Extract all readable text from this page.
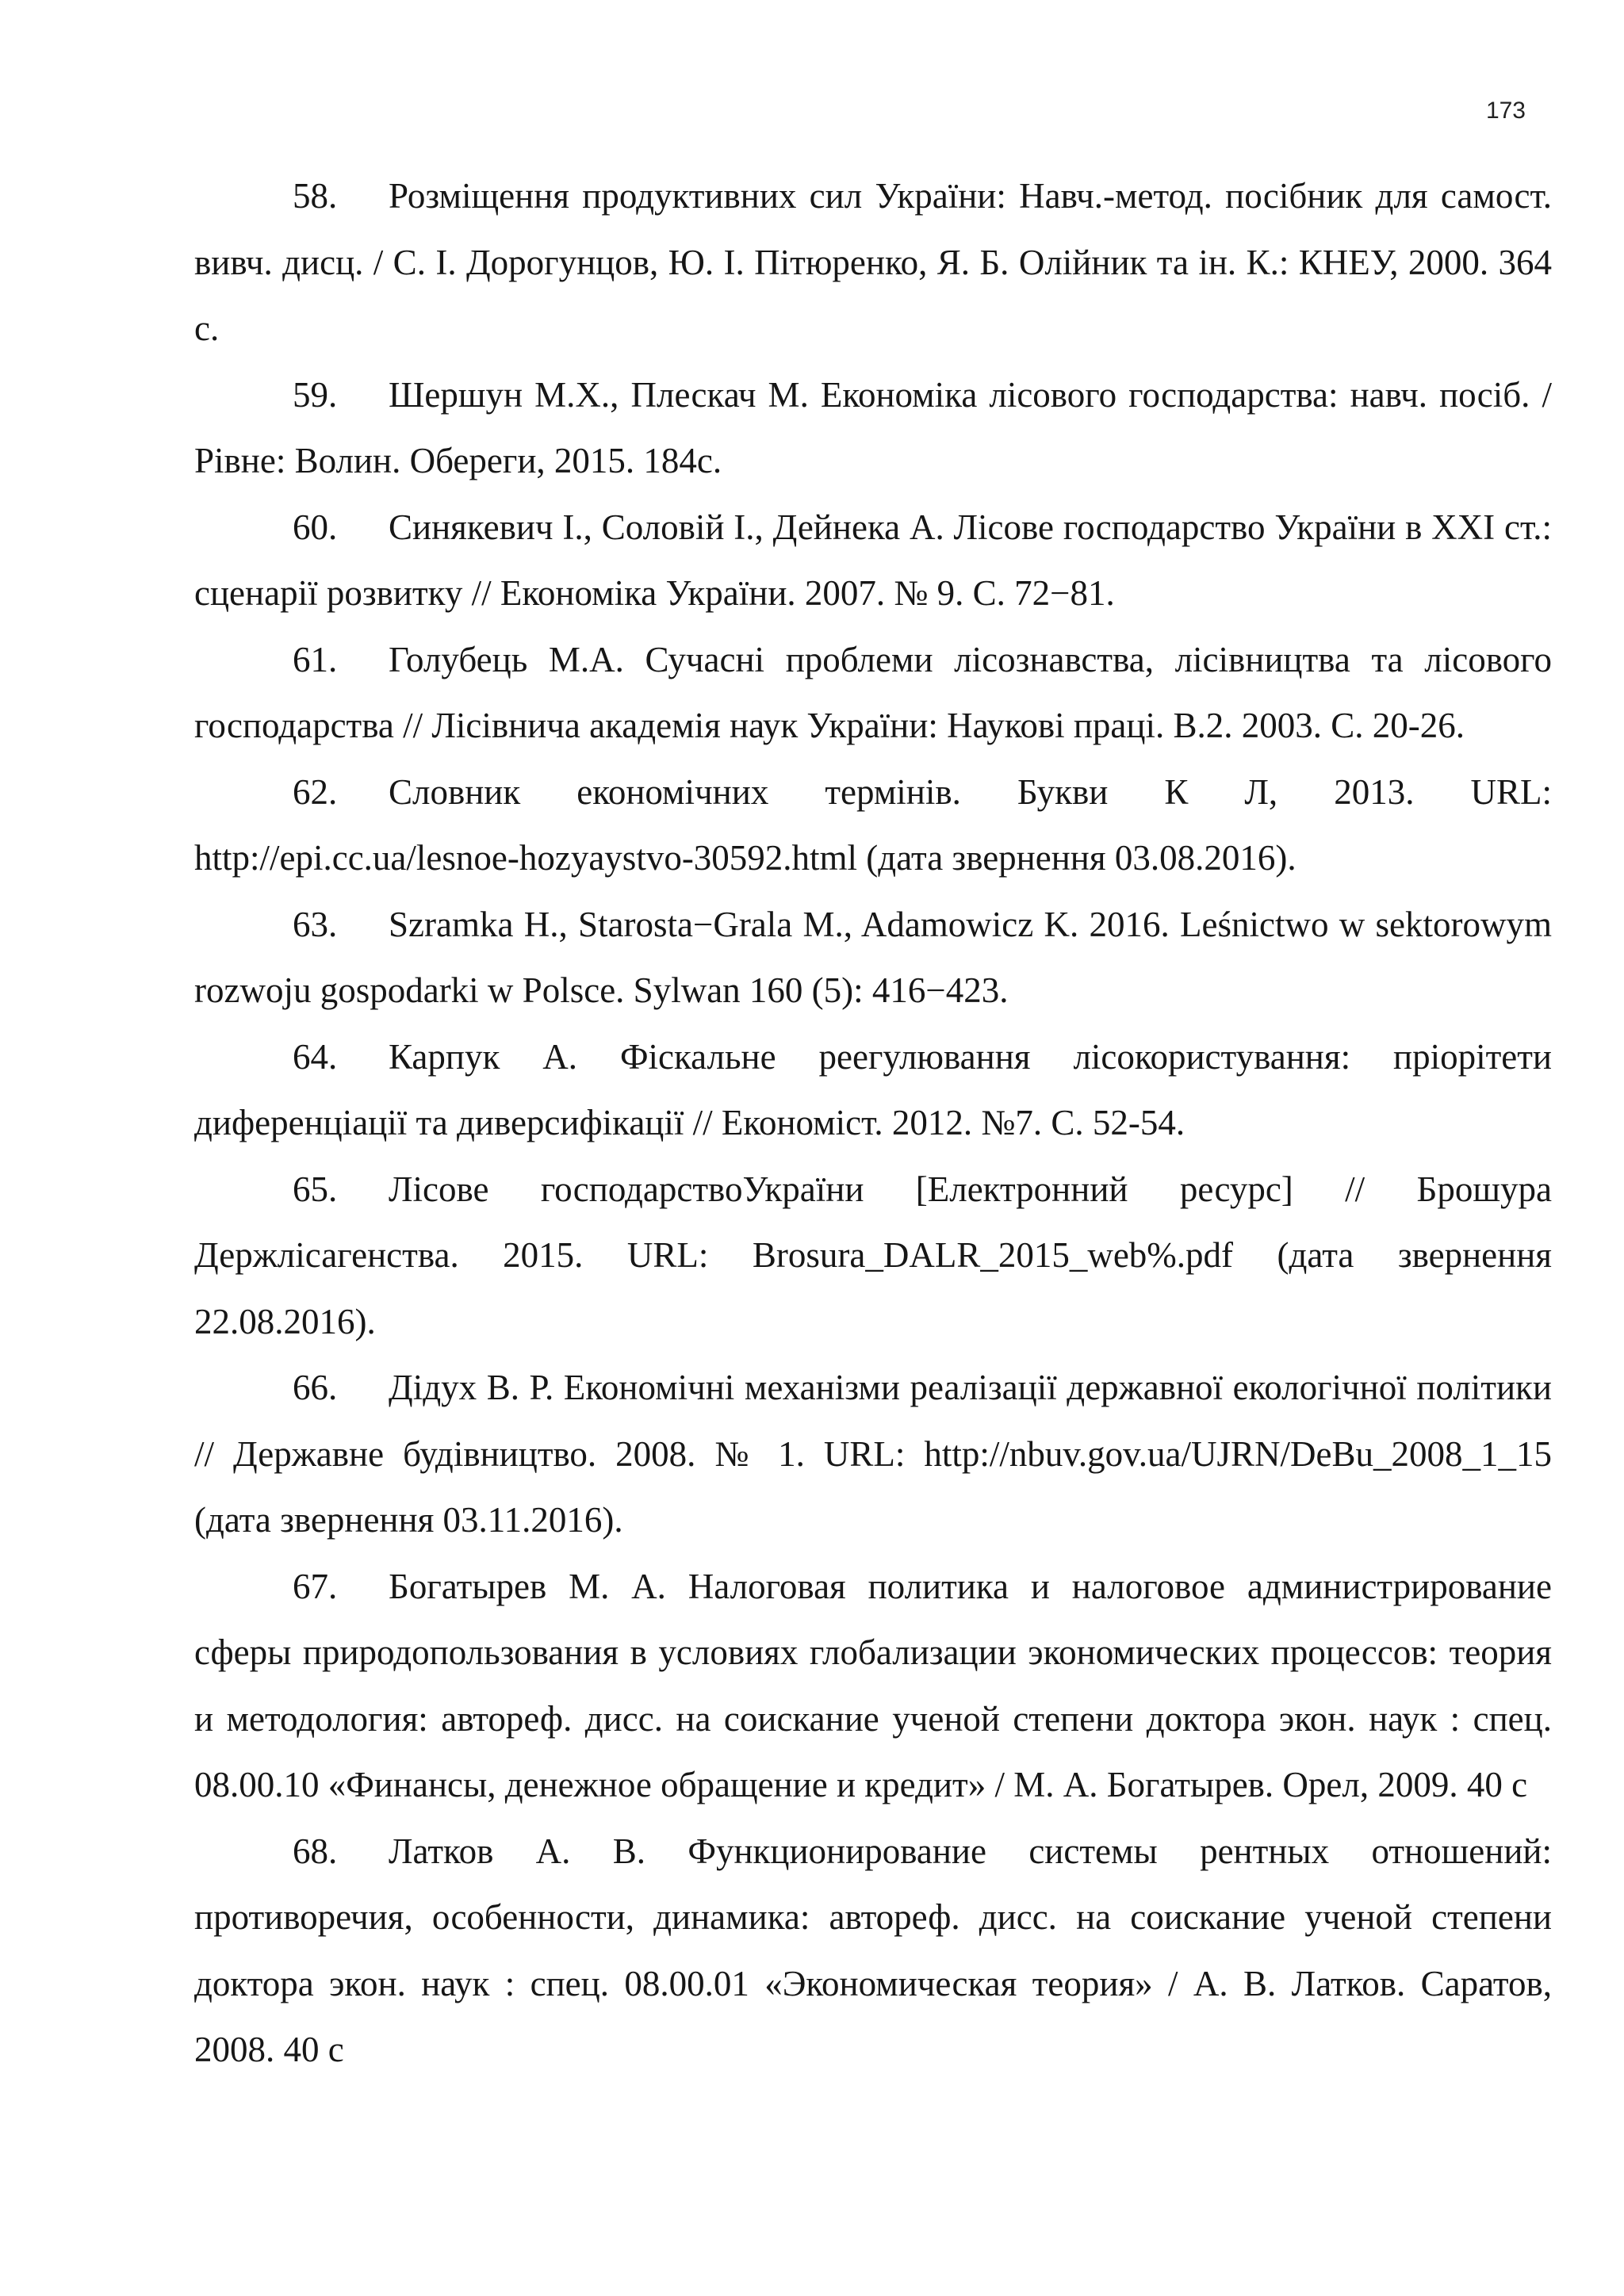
173
58. Розміщення продуктивних сил України: Навч.-метод. посібник для самост. вивч. дисц. / С. І. Дорогунцов, Ю. І. Пітюренко, Я. Б. Олійник та ін. К.: КНЕУ, 2000. 364 с.
59. Шершун М.Х., Плескач М. Економіка лісового господарства: навч. посіб. / Рівне: Волин. Обереги, 2015. 184с.
60. Синякевич І., Соловій І., Дейнека А. Лісове господарство України в XXI ст.: сценарії розвитку // Економіка України. 2007. № 9. С. 72−81.
61. Голубець М.А. Сучасні проблеми лісознавства, лісівництва та лісового господарства // Лісівнича академія наук України: Наукові праці. В.2. 2003. С. 20-26.
62. Словник економічних термінів. Букви К Л, 2013. URL: http://epi.cc.ua/lesnoe-hozyaystvo-30592.html (дата звернення 03.08.2016).
63. Szramka H., Starosta−Grala M., Adamowicz K. 2016. Leśnictwo w sektorowym rozwoju gospodarki w Polsce. Sylwan 160 (5): 416−423.
64. Карпук А. Фіскальне реегулювання лісокористування: пріорітети диференціації та диверсифікації // Економіст. 2012. №7. С. 52-54.
65. Лісове господарствоУкраїни [Електронний ресурс] // Брошура Держлісагенства. 2015. URL: Brosura_DALR_2015_web%.pdf (дата звернення 22.08.2016).
66. Дідух В. Р. Економічні механізми реалізації державної екологічної політики // Державне будівництво. 2008. № 1. URL: http://nbuv.gov.ua/UJRN/DeBu_2008_1_15 (дата звернення 03.11.2016).
67. Богатырев М. А. Налоговая политика и налоговое администрирование сферы природопользования в условиях глобализации экономических процессов: теория и методология: автореф. дисс. на соискание ученой степени доктора экон. наук : спец. 08.00.10 «Финансы, денежное обращение и кредит» / М. А. Богатырев. Орел, 2009. 40 с
68. Латков А. В. Функционирование системы рентных отношений: противоречия, особенности, динамика: автореф. дисс. на соискание ученой степени доктора экон. наук : спец. 08.00.01 «Экономическая теория» / А. В. Латков. Саратов, 2008. 40 с
